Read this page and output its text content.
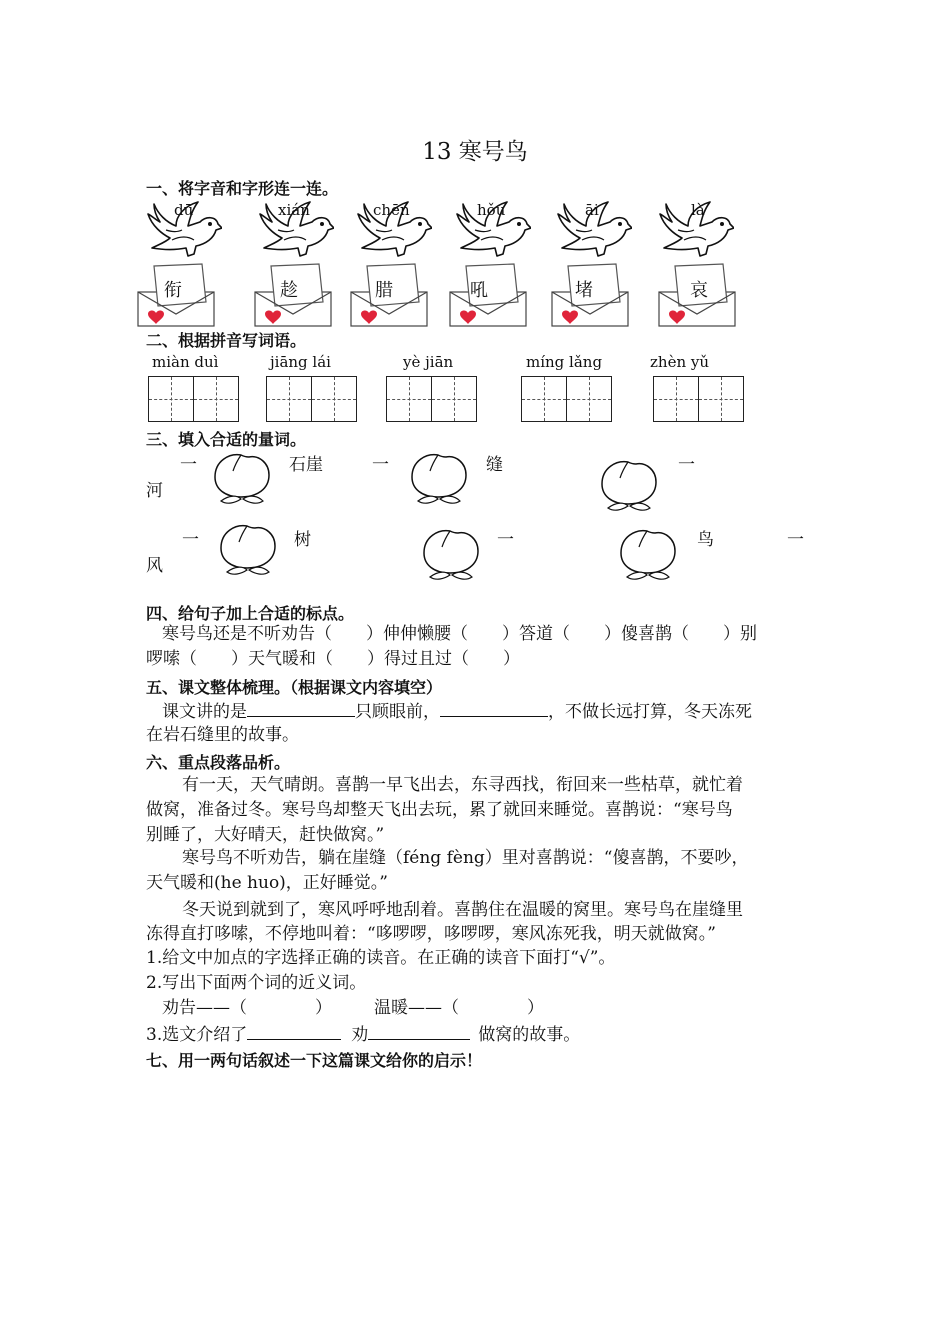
13 寒号鸟
一、将字音和字形连一连。
dū	xián	chēn	hǒu	āi	là
衔	趁	腊	吼	堵	哀
二、根据拼音写词语。
miàn duì	jiāng lái	yè jiān	míng lǎng	zhèn yǔ
三、填入合适的量词。
一	石崖	一	缝	一
河
一	树	一	鸟	一
风
四、给句子加上合适的标点。
寒号鸟还是不听劝告（　　）伸伸懒腰（　　）答道（　　）傻喜鹊（　　）别
啰嗦（　　）天气暖和（　　）得过且过（　　）
五、课文整体梳理。（根据课文内容填空）
课文讲的是	只顾眼前，	，不做长远打算，冬天冻死
在岩石缝里的故事。
六、重点段落品析。
有一天，天气晴朗。喜鹊一早飞出去，东寻西找，衔回来一些枯草，就忙着
做窝，准备过冬。寒号鸟却整天飞出去玩，累了就回来睡觉。喜鹊说：“寒号鸟
别睡了，大好晴天，赶快做窝。”
寒号鸟不听劝告，躺在崖缝（féng fèng）里对喜鹊说：“傻喜鹊，不要吵，
天气暖和(he huo)，正好睡觉。”
冬天说到就到了，寒风呼呼地刮着。喜鹊住在温暖的窝里。寒号鸟在崖缝里
冻得直打哆嗦，不停地叫着：“哆啰啰，哆啰啰，寒风冻死我，明天就做窝。”
1.给文中加点的字选择正确的读音。在正确的读音下面打“√”。
2.写出下面两个词的近义词。
劝告——（　　　　） 温暖——（　　　　）
3.选文介绍了	劝	做窝的故事。
七、用一两句话叙述一下这篇课文给你的启示！
